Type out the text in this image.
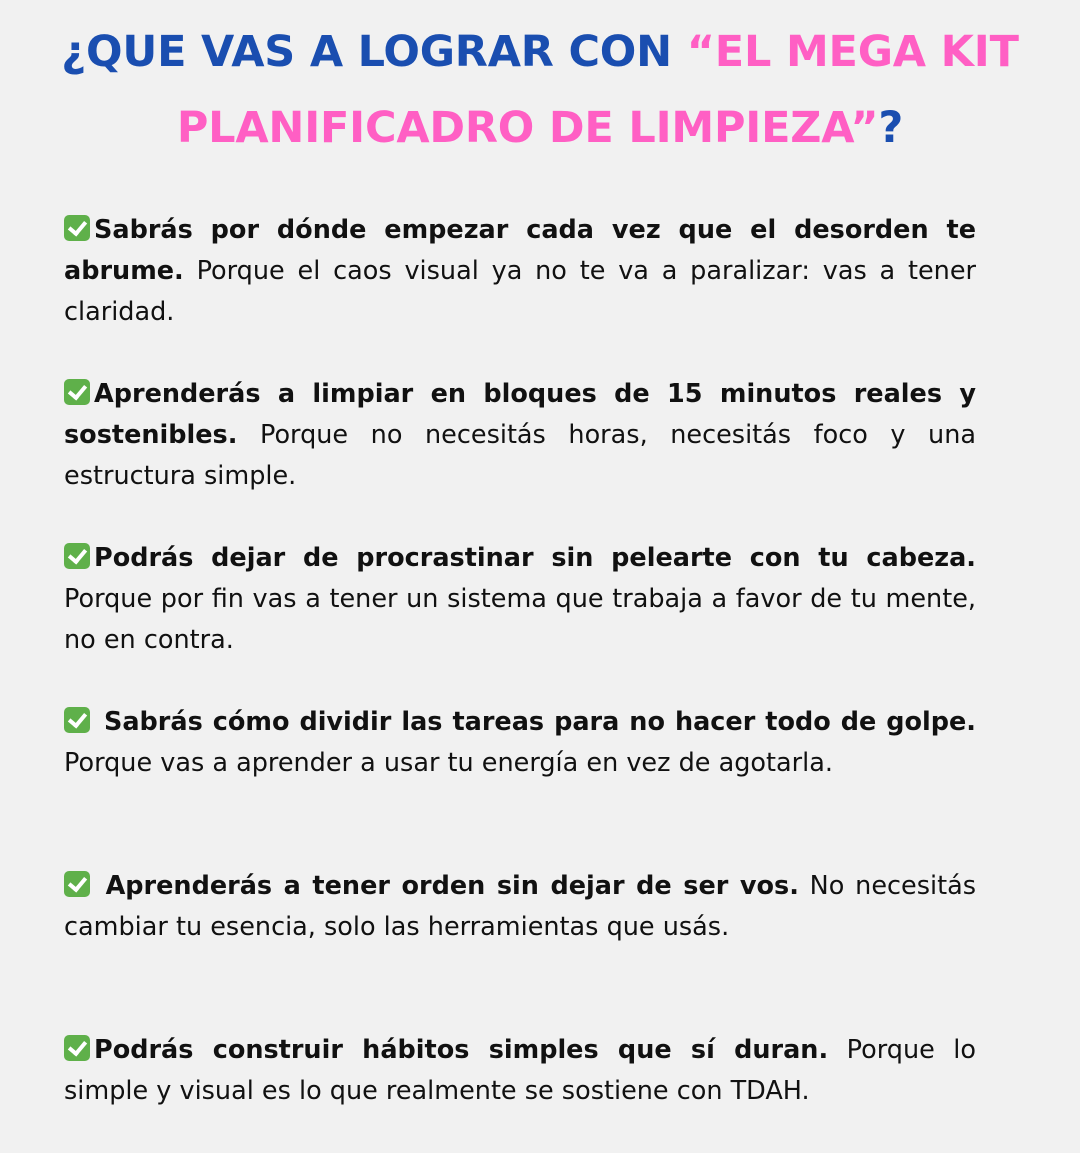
¿QUE VAS A LOGRAR CON “EL MEGA KIT PLANIFICADRO DE LIMPIEZA”?

Sabrás por dónde empezar cada vez que el desorden te abrume. Porque el caos visual ya no te va a paralizar: vas a tener claridad.

Aprenderás a limpiar en bloques de 15 minutos reales y sostenibles. Porque no necesitás horas, necesitás foco y una estructura simple.

Podrás dejar de procrastinar sin pelearte con tu cabeza. Porque por fin vas a tener un sistema que trabaja a favor de tu mente, no en contra.

Sabrás cómo dividir las tareas para no hacer todo de golpe. Porque vas a aprender a usar tu energía en vez de agotarla.

Aprenderás a tener orden sin dejar de ser vos. No necesitás cambiar tu esencia, solo las herramientas que usás.

Podrás construir hábitos simples que sí duran. Porque lo simple y visual es lo que realmente se sostiene con TDAH.
